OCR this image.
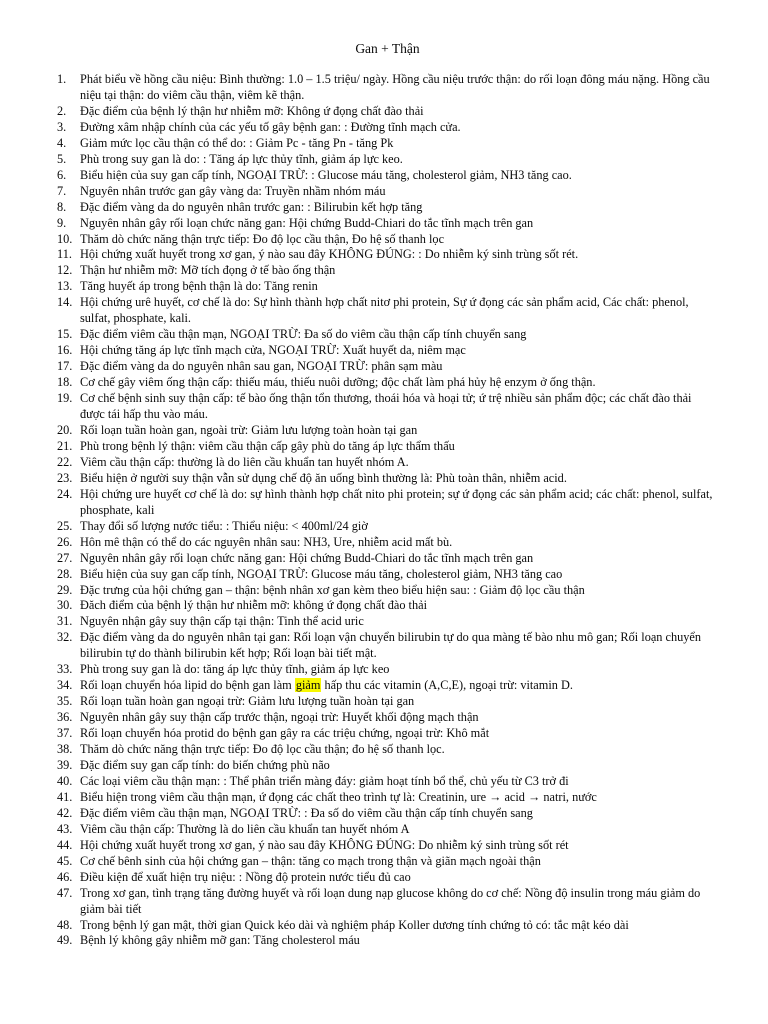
Gan + Thận
1.	Phát biểu về hồng cầu niệu: Bình thường: 1.0 – 1.5 triệu/ ngày. Hồng cầu niệu trước thận: do rối loạn đông máu nặng. Hồng cầu niệu tại thận: do viêm cầu thận, viêm kẽ thận.
2.	Đặc điểm của bệnh lý thận hư nhiễm mỡ: Không ứ đọng chất đào thải
3.	Đường xâm nhập chính của các yếu tố gây bệnh gan: : Đường tĩnh mạch cửa.
4.	Giảm mức lọc cầu thận có thể do: : Giảm Pc - tăng Pn - tăng Pk
5.	Phù trong suy gan là do: : Tăng áp lực thủy tĩnh, giảm áp lực keo.
6.	Biểu hiện của suy gan cấp tính, NGOẠI TRỪ: : Glucose máu tăng, cholesterol giảm, NH3 tăng cao.
7.	Nguyên nhân trước gan gây vàng da: Truyền nhầm nhóm máu
8.	Đặc điểm vàng da do nguyên nhân trước gan: : Bilirubin kết hợp tăng
9.	Nguyên nhân gây rối loạn chức năng gan: Hội chứng Budd-Chiari do tắc tĩnh mạch trên gan
10. Thăm dò chức năng thận trực tiếp: Đo độ lọc cầu thận, Đo hệ số thanh lọc
11. Hội chứng xuất huyết trong xơ gan, ý nào sau đây KHÔNG ĐÚNG: : Do nhiễm ký sinh trùng sốt rét.
12. Thận hư nhiễm mỡ: Mỡ tích đọng ở tế bào ống thận
13. Tăng huyết áp trong bệnh thận là do: Tăng renin
14. Hội chứng urê huyết, cơ chế là do: Sự hình thành hợp chất nitơ phi protein, Sự ứ đọng các sản phẩm acid, Các chất: phenol, sulfat, phosphate, kali.
15. Đặc điểm viêm cầu thận mạn, NGOẠI TRỪ: Đa số do viêm cầu thận cấp tính chuyển sang
16. Hội chứng tăng áp lực tĩnh mạch cửa, NGOẠI TRỪ: Xuất huyết da, niêm mạc
17. Đặc điểm vàng da do nguyên nhân sau gan, NGOẠI TRỪ: phân sạm màu
18. Cơ chế gây viêm ống thận cấp: thiếu máu, thiếu nuôi dưỡng; độc chất làm phá hủy hệ enzym ở ống thận.
19. Cơ chế bệnh sinh suy thận cấp: tế bào ống thận tổn thương, thoái hóa và hoại tử; ứ trệ nhiều sản phẩm độc; các chất đào thải được tái hấp thu vào máu.
20. Rối loạn tuần hoàn gan, ngoài trừ: Giảm lưu lượng toàn hoàn tại gan
21. Phù trong bệnh lý thận: viêm cầu thận cấp gây phù do tăng áp lực thẩm thấu
22. Viêm cầu thận cấp: thường là do liên cầu khuẩn tan huyết nhóm A.
23. Biểu hiện ở người suy thận vẫn sử dụng chế độ ăn uống bình thường là: Phù toàn thân, nhiễm acid.
24. Hội chứng ure huyết cơ chế là do: sự hình thành hợp chất nito phi protein; sự ứ đọng các sản phẩm acid; các chất: phenol, sulfat, phosphate, kali
25. Thay đổi số lượng nước tiểu: : Thiểu niệu: < 400ml/24 giờ
26. Hôn mê thận có thể do các nguyên nhân sau: NH3, Ure, nhiễm acid mất bù.
27. Nguyên nhân gây rối loạn chức năng gan: Hội chứng Budd-Chiari do tắc tĩnh mạch trên gan
28. Biểu hiện của suy gan cấp tính, NGOẠI TRỪ: Glucose máu tăng, cholesterol giảm, NH3 tăng cao
29. Đặc trưng của hội chứng gan – thận: bệnh nhân xơ gan kèm theo biểu hiện sau: : Giảm độ lọc cầu thận
30. Đăch điểm của bệnh lý thận hư nhiễm mỡ: không ứ đọng chất đào thải
31. Nguyên nhận gây suy thận cấp tại thận: Tinh thể acid uric
32. Đặc điểm vàng da do nguyên nhân tại gan: Rối loạn vận chuyển bilirubin tự do qua màng tế bào nhu mô gan; Rối loạn chuyển bilirubin tự do thành bilirubin kết hợp; Rối loạn bài tiết mật.
33. Phù trong suy gan là do: tăng áp lực thủy tĩnh, giảm áp lực keo
34. Rối loạn chuyển hóa lipid do bệnh gan làm giảm hấp thu các vitamin (A,C,E), ngoại trừ: vitamin D.
35. Rối loạn tuần hoàn gan ngoại trừ: Giảm lưu lượng tuần hoàn tại gan
36. Nguyên nhân gây suy thận cấp trước thận, ngoại trừ: Huyết khối động mạch thận
37. Rối loạn chuyển hóa protid do bệnh gan gây ra các triệu chứng, ngoại trừ: Khô mắt
38. Thăm dò chức năng thận trực tiếp: Đo độ lọc cầu thận; đo hệ số thanh lọc.
39. Đặc điểm suy gan cấp tính: do biến chứng phù não
40. Các loại viêm cầu thận mạn: : Thể phân triển màng đáy: giảm hoạt tính bổ thể, chủ yếu từ C3 trở đi
41. Biểu hiện trong viêm cầu thận mạn, ứ đọng các chất theo trình tự là: Creatinin, ure → acid → natri, nước
42. Đặc điểm viêm cầu thận mạn, NGOẠI TRỪ: : Đa số do viêm cầu thận cấp tính chuyển sang
43. Viêm cầu thận cấp: Thường là do liên cầu khuẩn tan huyết nhóm A
44. Hội chứng xuất huyết trong xơ gan, ý nào sau đây KHÔNG ĐÚNG: Do nhiễm ký sinh trùng sốt rét
45. Cơ chế bênh sinh của hội chứng gan – thận: tăng co mạch trong thận và giãn mạch ngoài thận
46. Điều kiện để xuất hiện trụ niệu: : Nồng độ protein nước tiểu đủ cao
47. Trong xơ gan, tình trạng tăng đường huyết và rối loạn dung nạp glucose không do cơ chế: Nồng độ insulin trong máu giảm do giảm bài tiết
48. Trong bệnh lý gan mật, thời gian Quick kéo dài và nghiệm pháp Koller dương tính chứng tỏ có: tắc mật kéo dài
49. Bệnh lý không gây nhiễm mỡ gan: Tăng cholesterol máu
